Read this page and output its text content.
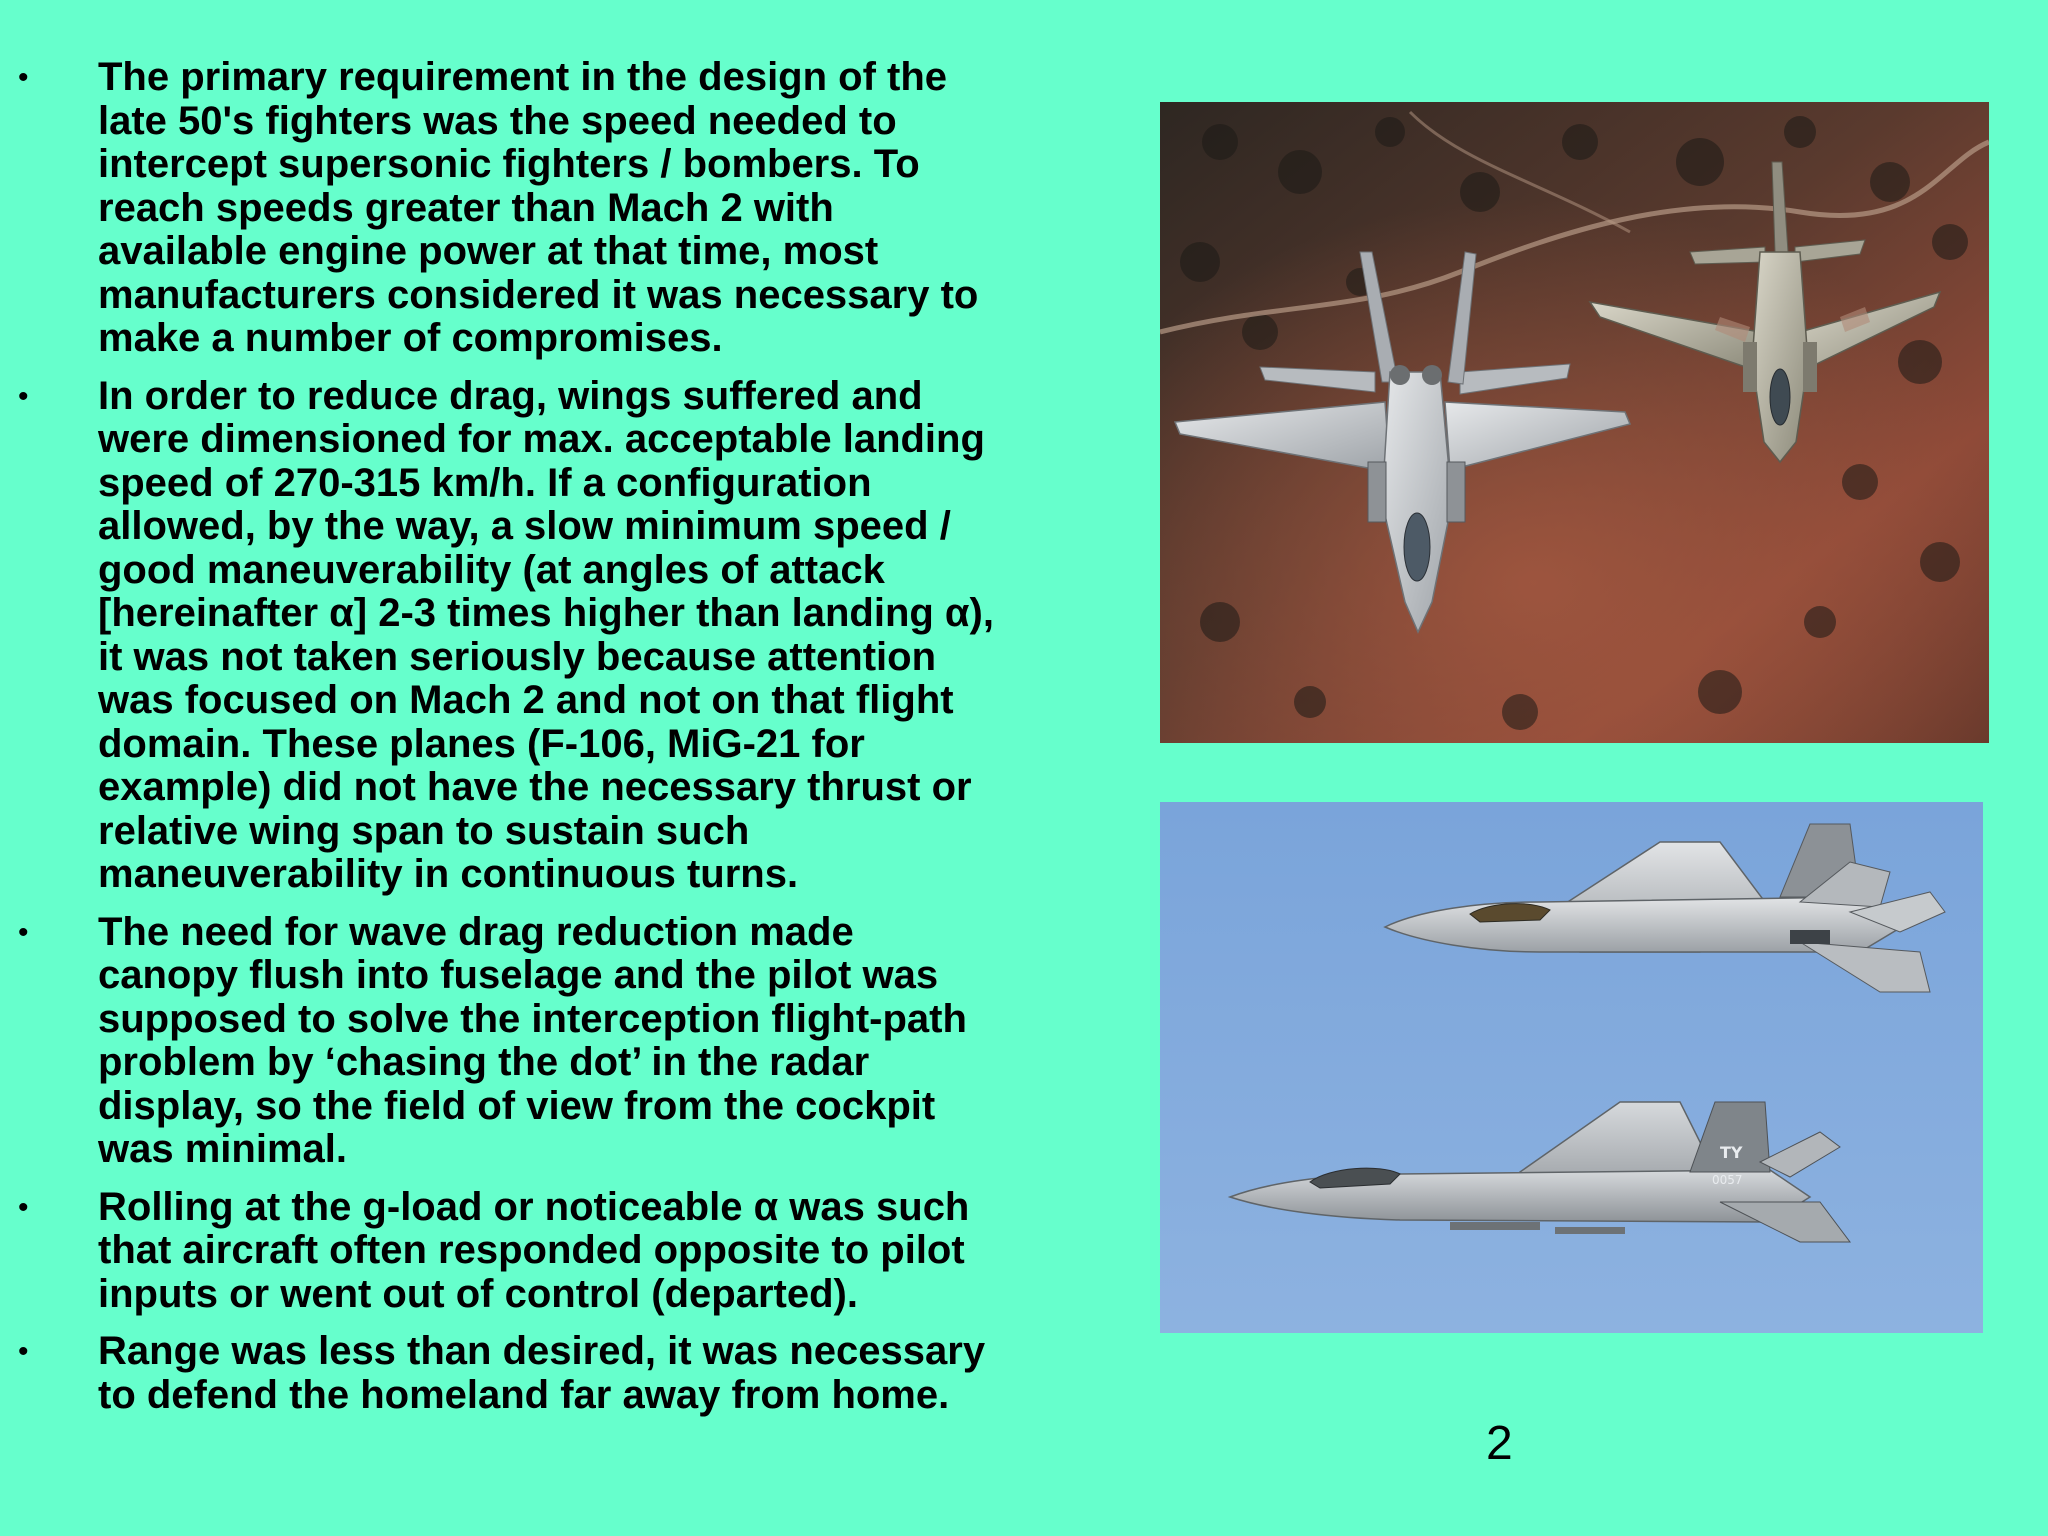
• The primary requirement in the design of the
late 50's fighters was the speed needed to
intercept supersonic fighters / bombers. To
reach speeds greater than Mach 2 with
available engine power at that time, most
manufacturers considered it was necessary to
make a number of compromises.
• In order to reduce drag, wings suffered and
were dimensioned for max. acceptable landing
speed of 270-315 km/h. If a configuration
allowed, by the way, a slow minimum speed /
good maneuverability (at angles of attack
[hereinafter α] 2-3 times higher than landing α),
it was not taken seriously because attention
was focused on Mach 2 and not on that flight
domain. These planes (F-106, MiG-21 for
example) did not have the necessary thrust or
relative wing span to sustain such
maneuverability in continuous turns.
• The need for wave drag reduction made
canopy flush into fuselage and the pilot was
supposed to solve the interception flight-path
problem by ‘chasing the dot’ in the radar
display, so the field of view from the cockpit
was minimal.
• Rolling at the g-load or noticeable α was such
that aircraft often responded opposite to pilot
inputs or went out of control (departed).
• Range was less than desired, it was necessary
to defend the homeland far away from home.
TY
0057
2
